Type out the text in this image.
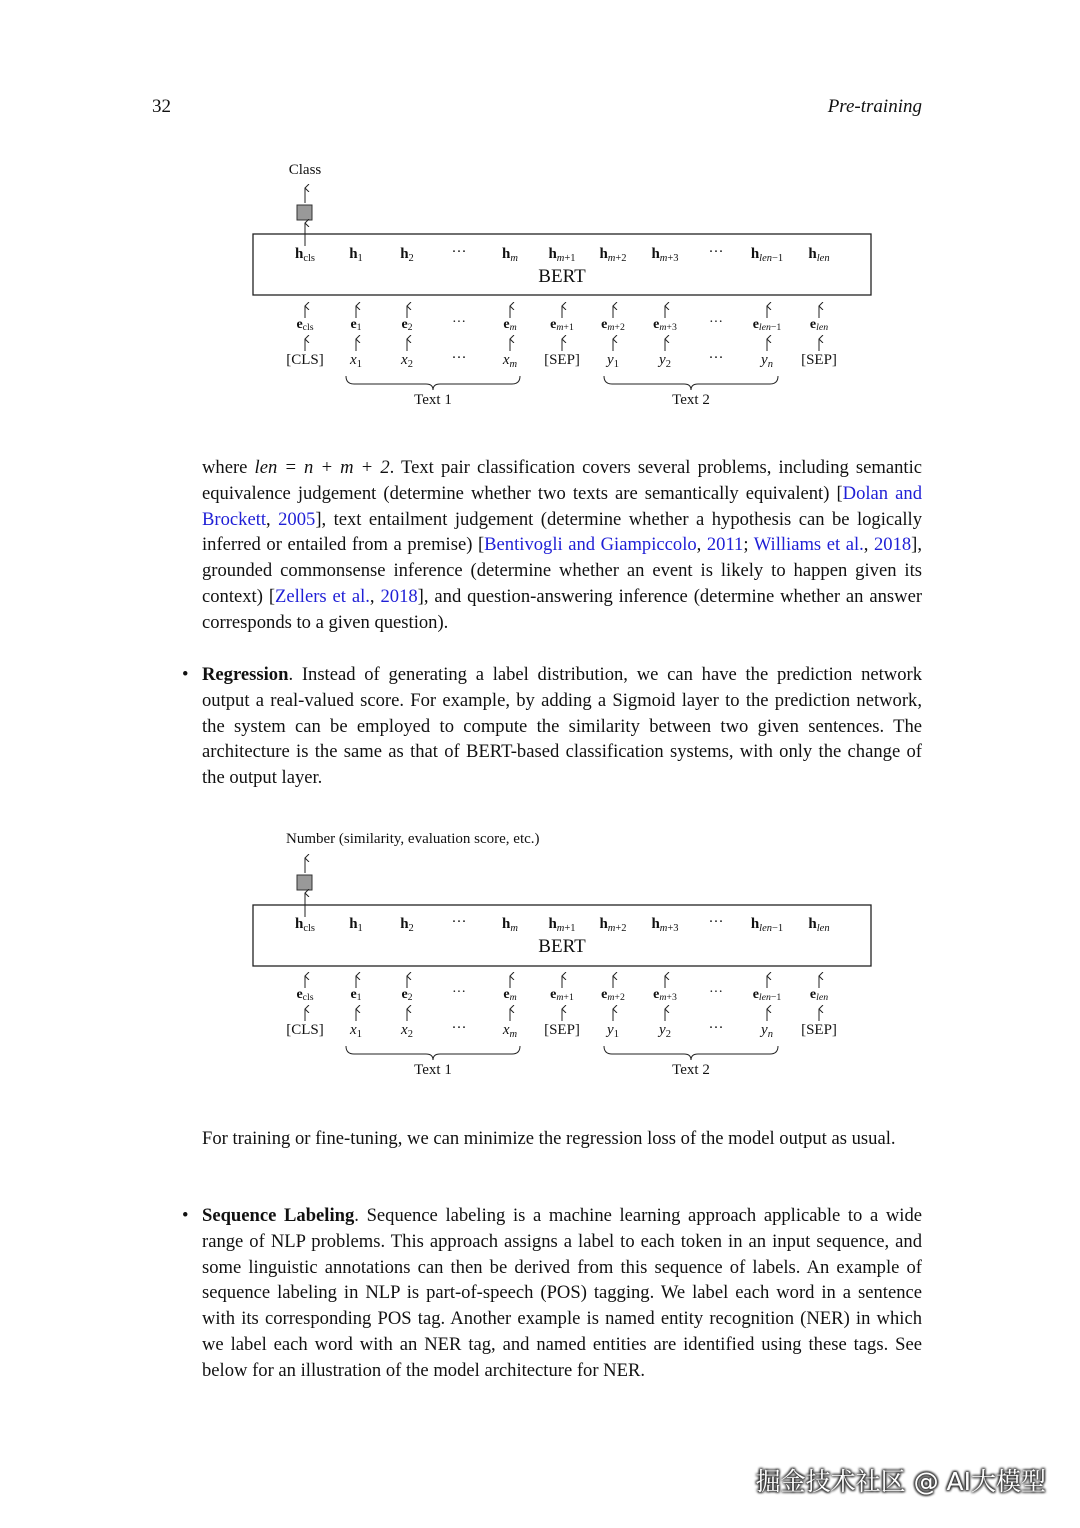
32	Pre-training
Class
$h_{cls}$ $h_1$ $h_2$	··· $h_m$ $h_{m+1}$ $h_{m+2}$ $h_{m+3}$ ··· $h_{len-1}$ $h_{len}$
BERT
$e_{cls}$	$e_1$	$e_2$	···	$e_m$ $e_{m+1}$ $e_{m+2}$ $e_{m+3}$ ··· $e_{len-1}$ $e_{len}$
[CLS] $x_1$	$x_2$	··· $x_m$ [SEP] $y_1$	$y_2$	···	$y_n$ [SEP]
Text 1	Text 2
where len = n + m + 2. Text pair classification covers several problems, including semantic equivalence judgement (determine whether two texts are semantically equivalent) [Dolan and Brockett, 2005], text entailment judgement (determine whether a hypothesis can be logically inferred or entailed from a premise) [Bentivogli and Giampiccolo, 2011; Williams et al., 2018], grounded commonsense inference (determine whether an event is likely to happen given its context) [Zellers et al., 2018], and question-answering inference (determine whether an answer corresponds to a given question).
• Regression. Instead of generating a label distribution, we can have the prediction network output a real-valued score. For example, by adding a Sigmoid layer to the prediction network, the system can be employed to compute the similarity between two given sentences. The architecture is the same as that of BERT-based classification systems, with only the change of the output layer.
Number (similarity, evaluation score, etc.)
$h_{cls}$ $h_1$ $h_2$	··· $h_m$ $h_{m+1}$ $h_{m+2}$ $h_{m+3}$ ··· $h_{len-1}$ $h_{len}$
BERT
$e_{cls}$	$e_1$	$e_2$	···	$e_m$ $e_{m+1}$ $e_{m+2}$ $e_{m+3}$ ··· $e_{len-1}$ $e_{len}$
[CLS] $x_1$	$x_2$	··· $x_m$ [SEP] $y_1$	$y_2$	···	$y_n$ [SEP]
Text 1	Text 2
For training or fine-tuning, we can minimize the regression loss of the model output as usual.
• Sequence Labeling. Sequence labeling is a machine learning approach applicable to a wide range of NLP problems. This approach assigns a label to each token in an input sequence, and some linguistic annotations can then be derived from this sequence of labels. An example of sequence labeling in NLP is part-of-speech (POS) tagging. We label each word in a sentence with its corresponding POS tag. Another example is named entity recognition (NER) in which we label each word with an NER tag, and named entities are identified using these tags. See below for an illustration of the model architecture for NER.
掘金技术社区 @ AI大模型
